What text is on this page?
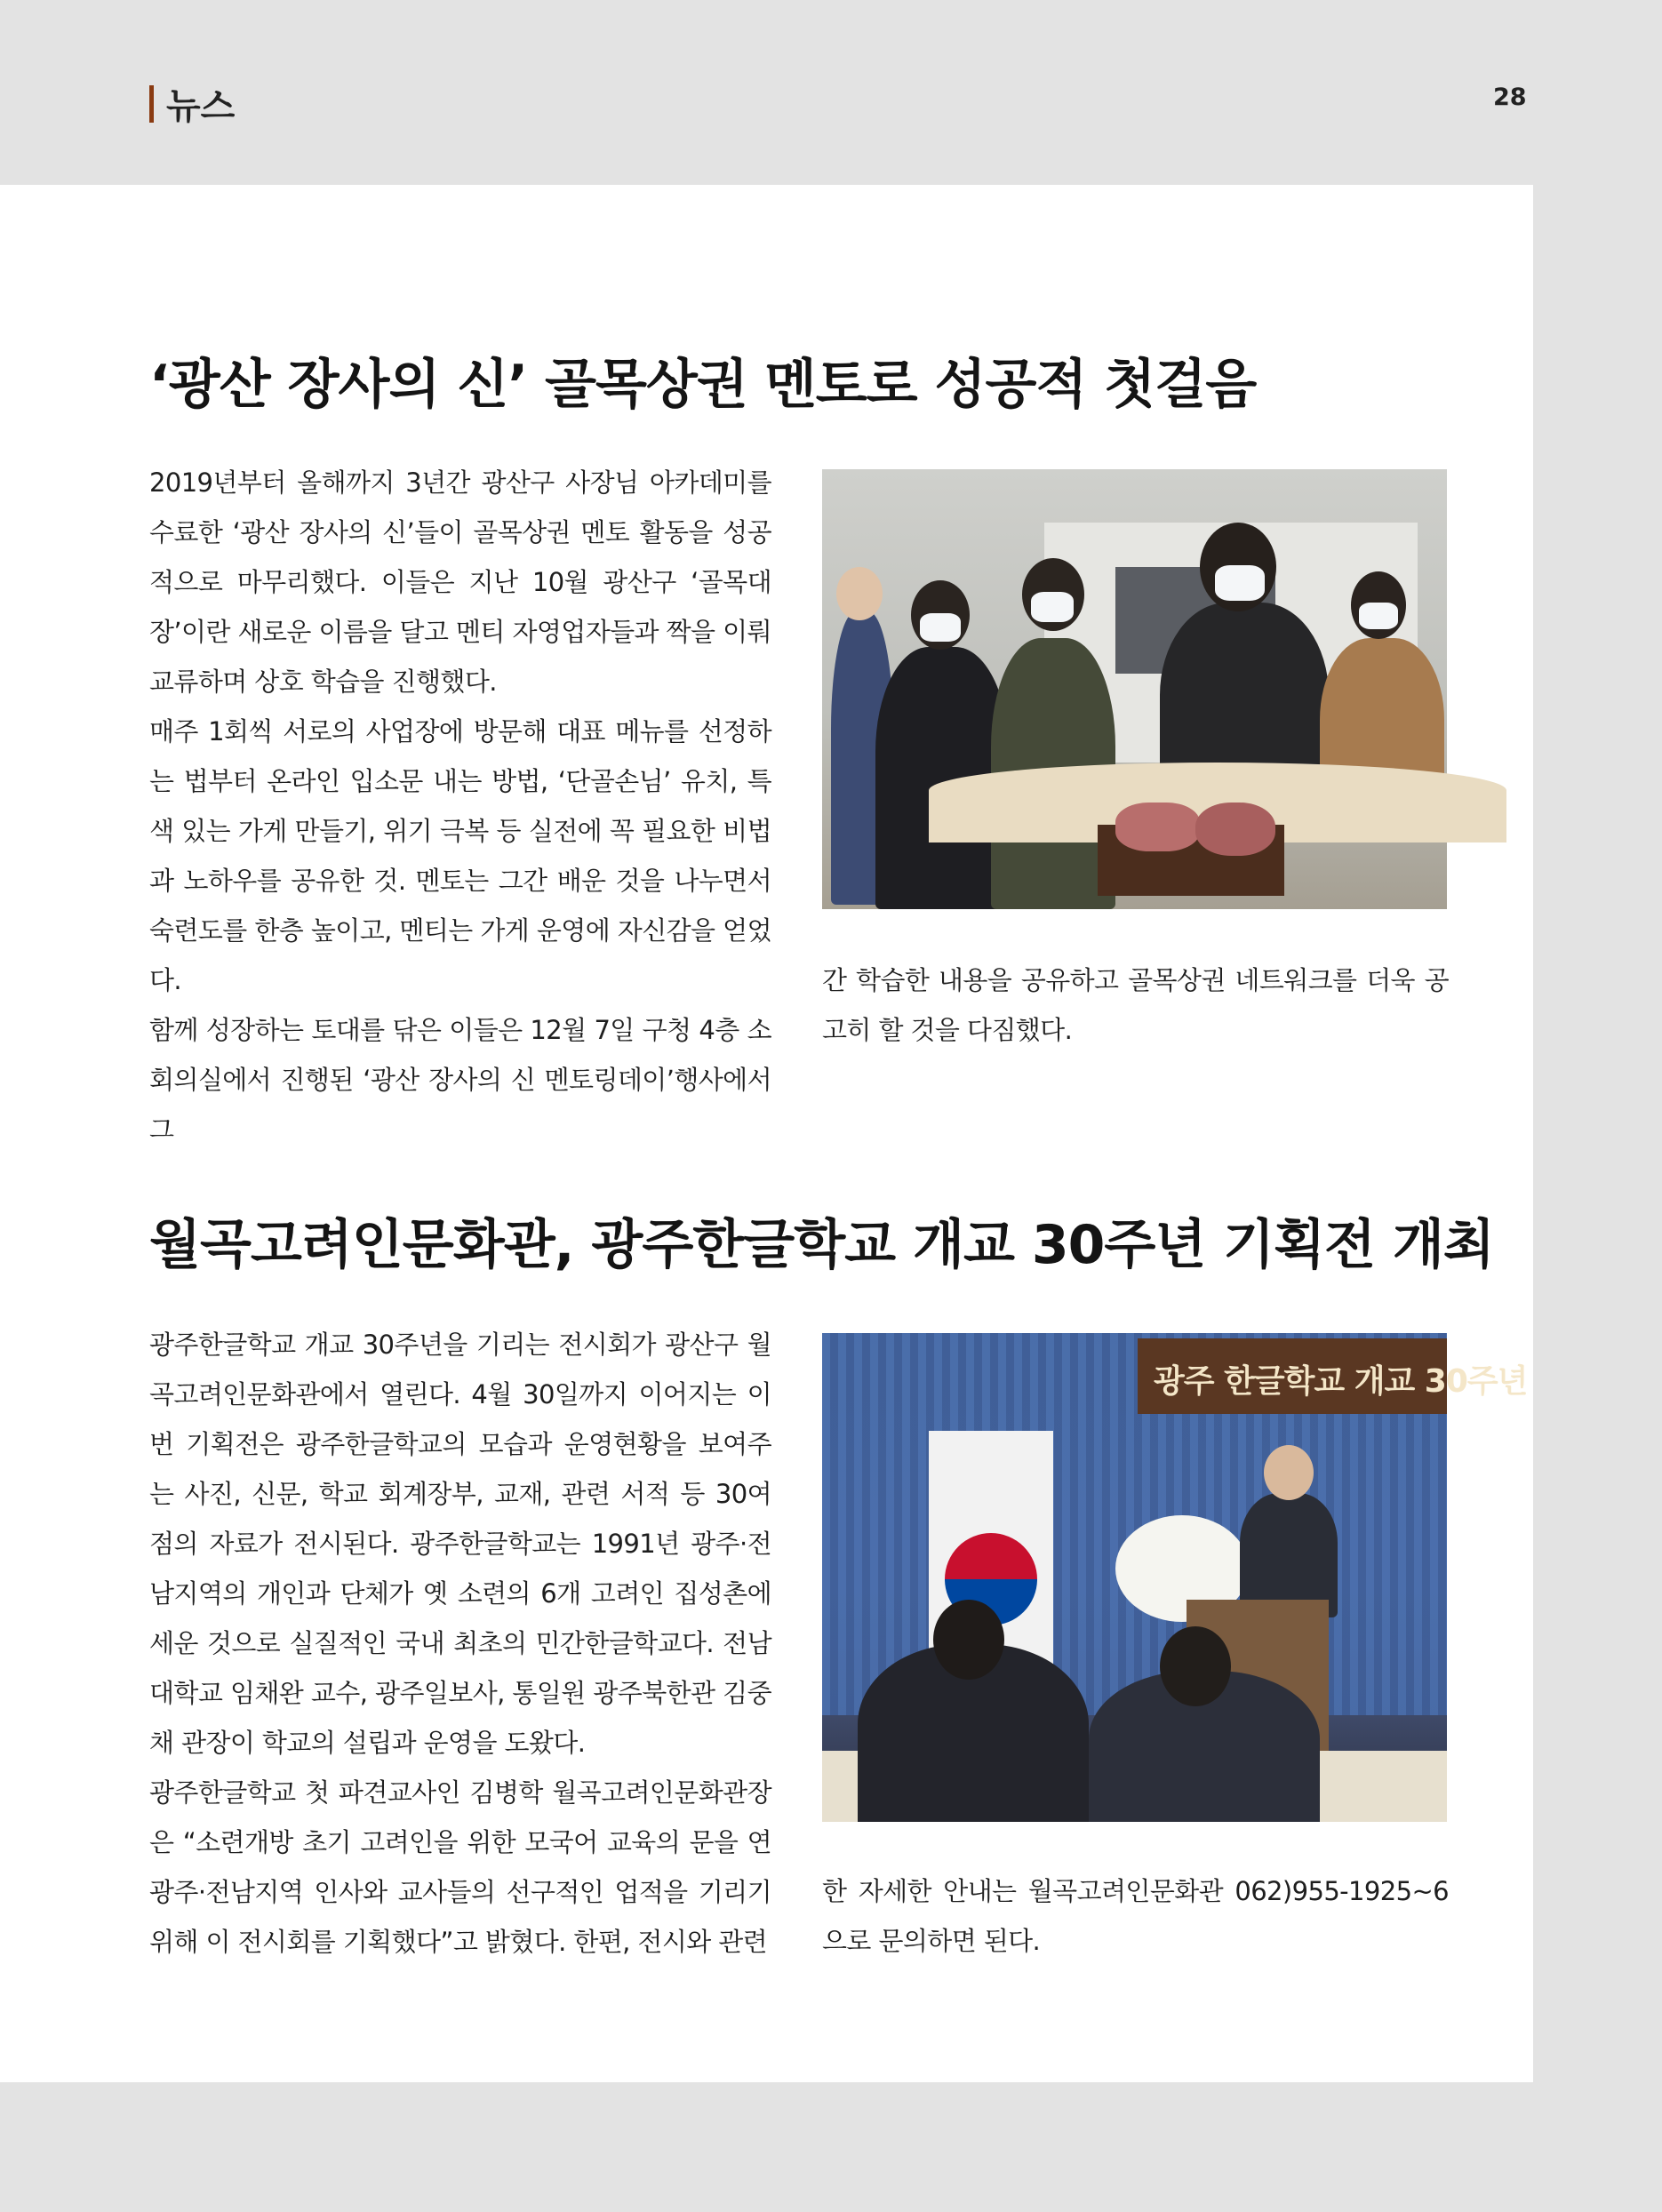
뉴스	28
‘광산 장사의 신’ 골목상권 멘토로 성공적 첫걸음

2019년부터 올해까지 3년간 광산구 사장님 아카데미를 수료한 ‘광산 장사의 신’들이 골목상권 멘토 활동을 성공적으로 마무리했다. 이들은 지난 10월 광산구 ‘골목대장’이란 새로운 이름을 달고 멘티 자영업자들과 짝을 이뤄 교류하며 상호 학습을 진행했다.

매주 1회씩 서로의 사업장에 방문해 대표 메뉴를 선정하는 법부터 온라인 입소문 내는 방법, ‘단골손님’ 유치, 특색 있는 가게 만들기, 위기 극복 등 실전에 꼭 필요한 비법과 노하우를 공유한 것. 멘토는 그간 배운 것을 나누면서 숙련도를 한층 높이고, 멘티는 가게 운영에 자신감을 얻었다.

함께 성장하는 토대를 닦은 이들은 12월 7일 구청 4층 소회의실에서 진행된 ‘광산 장사의 신 멘토링데이’행사에서 그

간 학습한 내용을 공유하고 골목상권 네트워크를 더욱 공고히 할 것을 다짐했다.

월곡고려인문화관, 광주한글학교 개교 30주년 기획전 개최

광주한글학교 개교 30주년을 기리는 전시회가 광산구 월곡고려인문화관에서 열린다. 4월 30일까지 이어지는 이번 기획전은 광주한글학교의 모습과 운영현황을 보여주는 사진, 신문, 학교 회계장부, 교재, 관련 서적 등 30여 점의 자료가 전시된다. 광주한글학교는 1991년 광주·전남지역의 개인과 단체가 옛 소련의 6개 고려인 집성촌에 세운 것으로 실질적인 국내 최초의 민간한글학교다. 전남대학교 임채완 교수, 광주일보사, 통일원 광주북한관 김중채 관장이 학교의 설립과 운영을 도왔다.

광주한글학교 첫 파견교사인 김병학 월곡고려인문화관장은 “소련개방 초기 고려인을 위한 모국어 교육의 문을 연 광주·전남지역 인사와 교사들의 선구적인 업적을 기리기 위해 이 전시회를 기획했다”고 밝혔다. 한편, 전시와 관련

광주 한글학교 개교 30주년

한 자세한 안내는 월곡고려인문화관 062)955-1925~6으로 문의하면 된다.
